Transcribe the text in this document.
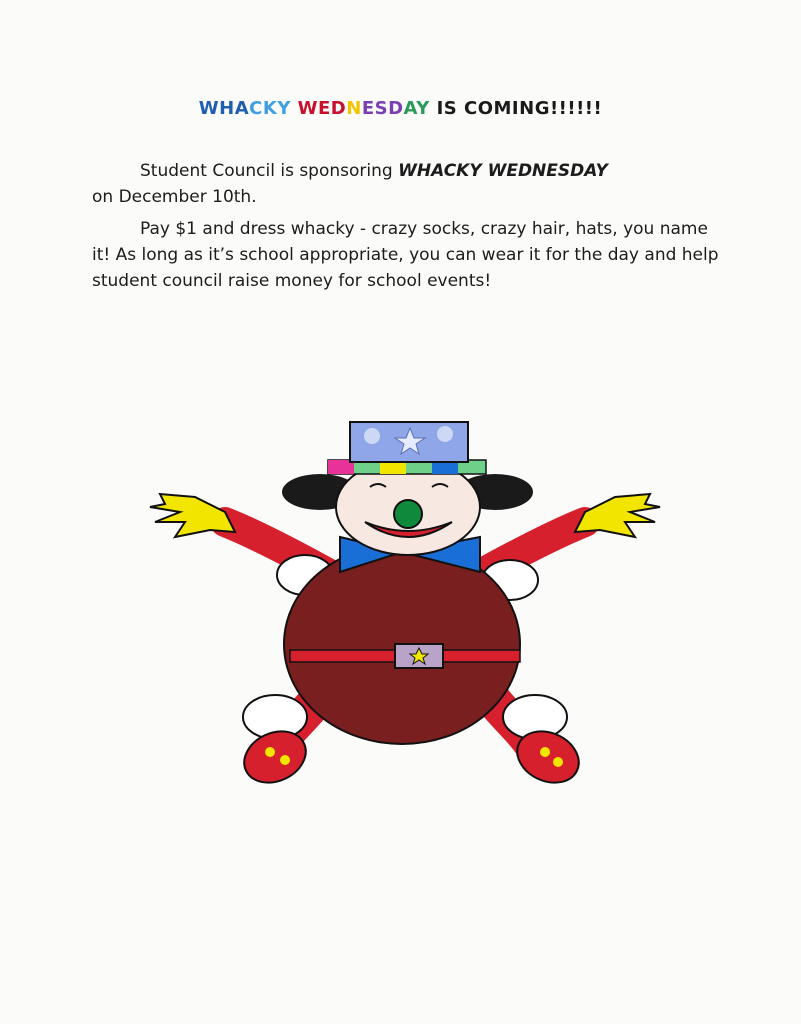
WHACKY WEDNESDAY IS COMING!!!!!!
Student Council is sponsoring WHACKY WEDNESDAY
on December 10th.
Pay $1 and dress whacky - crazy socks, crazy hair, hats, you name it! As long as it’s school appropriate, you can wear it for the day and help student council raise money for school events!
